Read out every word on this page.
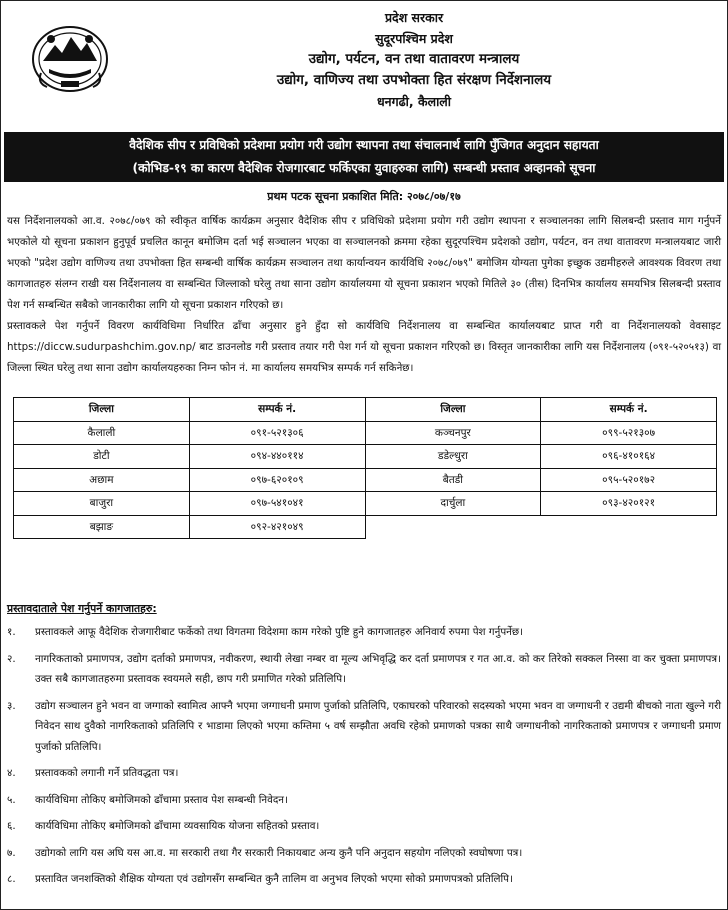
प्रदेश सरकार
सुदूरपश्चिम प्रदेश
उद्योग, पर्यटन, वन तथा वातावरण मन्त्रालय
उद्योग, वाणिज्य तथा उपभोक्ता हित संरक्षण निर्देशनालय
धनगढी, कैलाली
वैदेशिक सीप र प्रविधिको प्रदेशमा प्रयोग गरी उद्योग स्थापना तथा संचालनार्थ लागि पुँजिगत अनुदान सहायता
(कोभिड-१९ का कारण वैदेशिक रोजगारबाट फर्किएका युवाहरुका लागि) सम्बन्धी प्रस्ताव अव्हानको सूचना
प्रथम पटक सूचना प्रकाशित मिति: २०७८/०७/१७

यस निर्देशनालयको आ.व. २०७८/०७९ को स्वीकृत वार्षिक कार्यक्रम अनुसार वैदेशिक सीप र प्रविधिको प्रदेशमा प्रयोग गरी उद्योग स्थापना र सञ्चालनका लागि सिलबन्दी प्रस्ताव माग गर्नुपर्ने भएकोले यो सूचना प्रकाशन हुनुपूर्व प्रचलित कानून बमोजिम दर्ता भई सञ्चालन भएका वा सञ्चालनको क्रममा रहेका सुदूरपश्चिम प्रदेशको उद्योग, पर्यटन, वन तथा वातावरण मन्त्रालयबाट जारी भएको "प्रदेश उद्योग वाणिज्य तथा उपभोक्ता हित सम्बन्धी वार्षिक कार्यक्रम सञ्चालन तथा कार्यान्वयन कार्यविधि २०७८/०७९" बमोजिम योग्यता पुगेका इच्छुक उद्यमीहरुले आवश्यक विवरण तथा कागजातहरु संलग्न राखी यस निर्देशनालय वा सम्बन्धित जिल्लाको घरेलु तथा साना उद्योग कार्यालयमा यो सूचना प्रकाशन भएको मितिले ३० (तीस) दिनभित्र कार्यालय समयभित्र सिलबन्दी प्रस्ताव पेश गर्न सम्बन्धित सबैको जानकारीका लागि यो सूचना प्रकाशन गरिएको छ।

प्रस्तावकले पेश गर्नुपर्ने विवरण कार्यविधिमा निर्धारित ढाँचा अनुसार हुने हुँदा सो कार्यविधि निर्देशनालय वा सम्बन्धित कार्यालयबाट प्राप्त गरी वा निर्देशनालयको वेवसाइट https://diccw.sudurpashchim.gov.np/ बाट डाउनलोड गरी प्रस्ताव तयार गरी पेश गर्न यो सूचना प्रकाशन गरिएको छ। विस्तृत जानकारीका लागि यस निर्देशनालय (०९१-५२०५१३) वा जिल्ला स्थित घरेलु तथा साना उद्योग कार्यालयहरुका निम्न फोन नं. मा कार्यालय समयभित्र सम्पर्क गर्न सकिनेछ।

जिल्ला	सम्पर्क नं.	जिल्ला	सम्पर्क नं.
कैलाली	०९१-५२१३०६	कञ्चनपुर	०९९-५२१३०७
डोटी	०९४-४४०११४	डडेल्धुरा	०९६-४१०१६४
अछाम	०९७-६२०१०९	बैतडी	०९५-५२०१७२
बाजुरा	०९७-५४१०४१	दार्चुला	०९३-४२०१२१
बझाङ	०९२-४२१०४९		
प्रस्तावदाताले पेश गर्नुपर्ने कागजातहरु:
१.	प्रस्तावकले आफू वैदेशिक रोजगारीबाट फर्केको तथा विगतमा विदेशमा काम गरेको पुष्टि हुने कागजातहरु अनिवार्य रुपमा पेश गर्नुपर्नेछ।
२.	नागरिकताको प्रमाणपत्र, उद्योग दर्ताको प्रमाणपत्र, नवीकरण, स्थायी लेखा नम्बर वा मूल्य अभिवृद्धि कर दर्ता प्रमाणपत्र र गत आ.व. को कर तिरेको सक्कल निस्सा वा कर चुक्ता प्रमाणपत्र। उक्त सबै कागजातहरुमा प्रस्तावक स्वयमले सही, छाप गरी प्रमाणित गरेको प्रतिलिपि।
३.	उद्योग सञ्चालन हुने भवन वा जग्गाको स्वामित्व आफ्नै भएमा जग्गाधनी प्रमाण पुर्जाको प्रतिलिपि, एकाघरको परिवारको सदस्यको भएमा भवन वा जग्गाधनी र उद्यमी बीचको नाता खुल्ने गरी निवेदन साथ दुवैको नागरिकताको प्रतिलिपि र भाडामा लिएको भएमा कम्तिमा ५ वर्ष सम्झौता अवधि रहेको प्रमाणको पत्रका साथै जग्गाधनीको नागरिकताको प्रमाणपत्र र जग्गाधनी प्रमाण पुर्जाको प्रतिलिपि।
४.	प्रस्तावकको लगानी गर्ने प्रतिवद्धता पत्र।
५.	कार्यविधिमा तोकिए बमोजिमको ढाँचामा प्रस्ताव पेश सम्बन्धी निवेदन।
६.	कार्यविधिमा तोकिए बमोजिमको ढाँचामा व्यवसायिक योजना सहितको प्रस्ताव।
७.	उद्योगको लागि यस अघि यस आ.व. मा सरकारी तथा गैर सरकारी निकायबाट अन्य कुनै पनि अनुदान सहयोग नलिएको स्वघोषणा पत्र।
८.	प्रस्तावित जनशक्तिको शैक्षिक योग्यता एवं उद्योगसँग सम्बन्धित कुनै तालिम वा अनुभव लिएको भएमा सोको प्रमाणपत्रको प्रतिलिपि।
